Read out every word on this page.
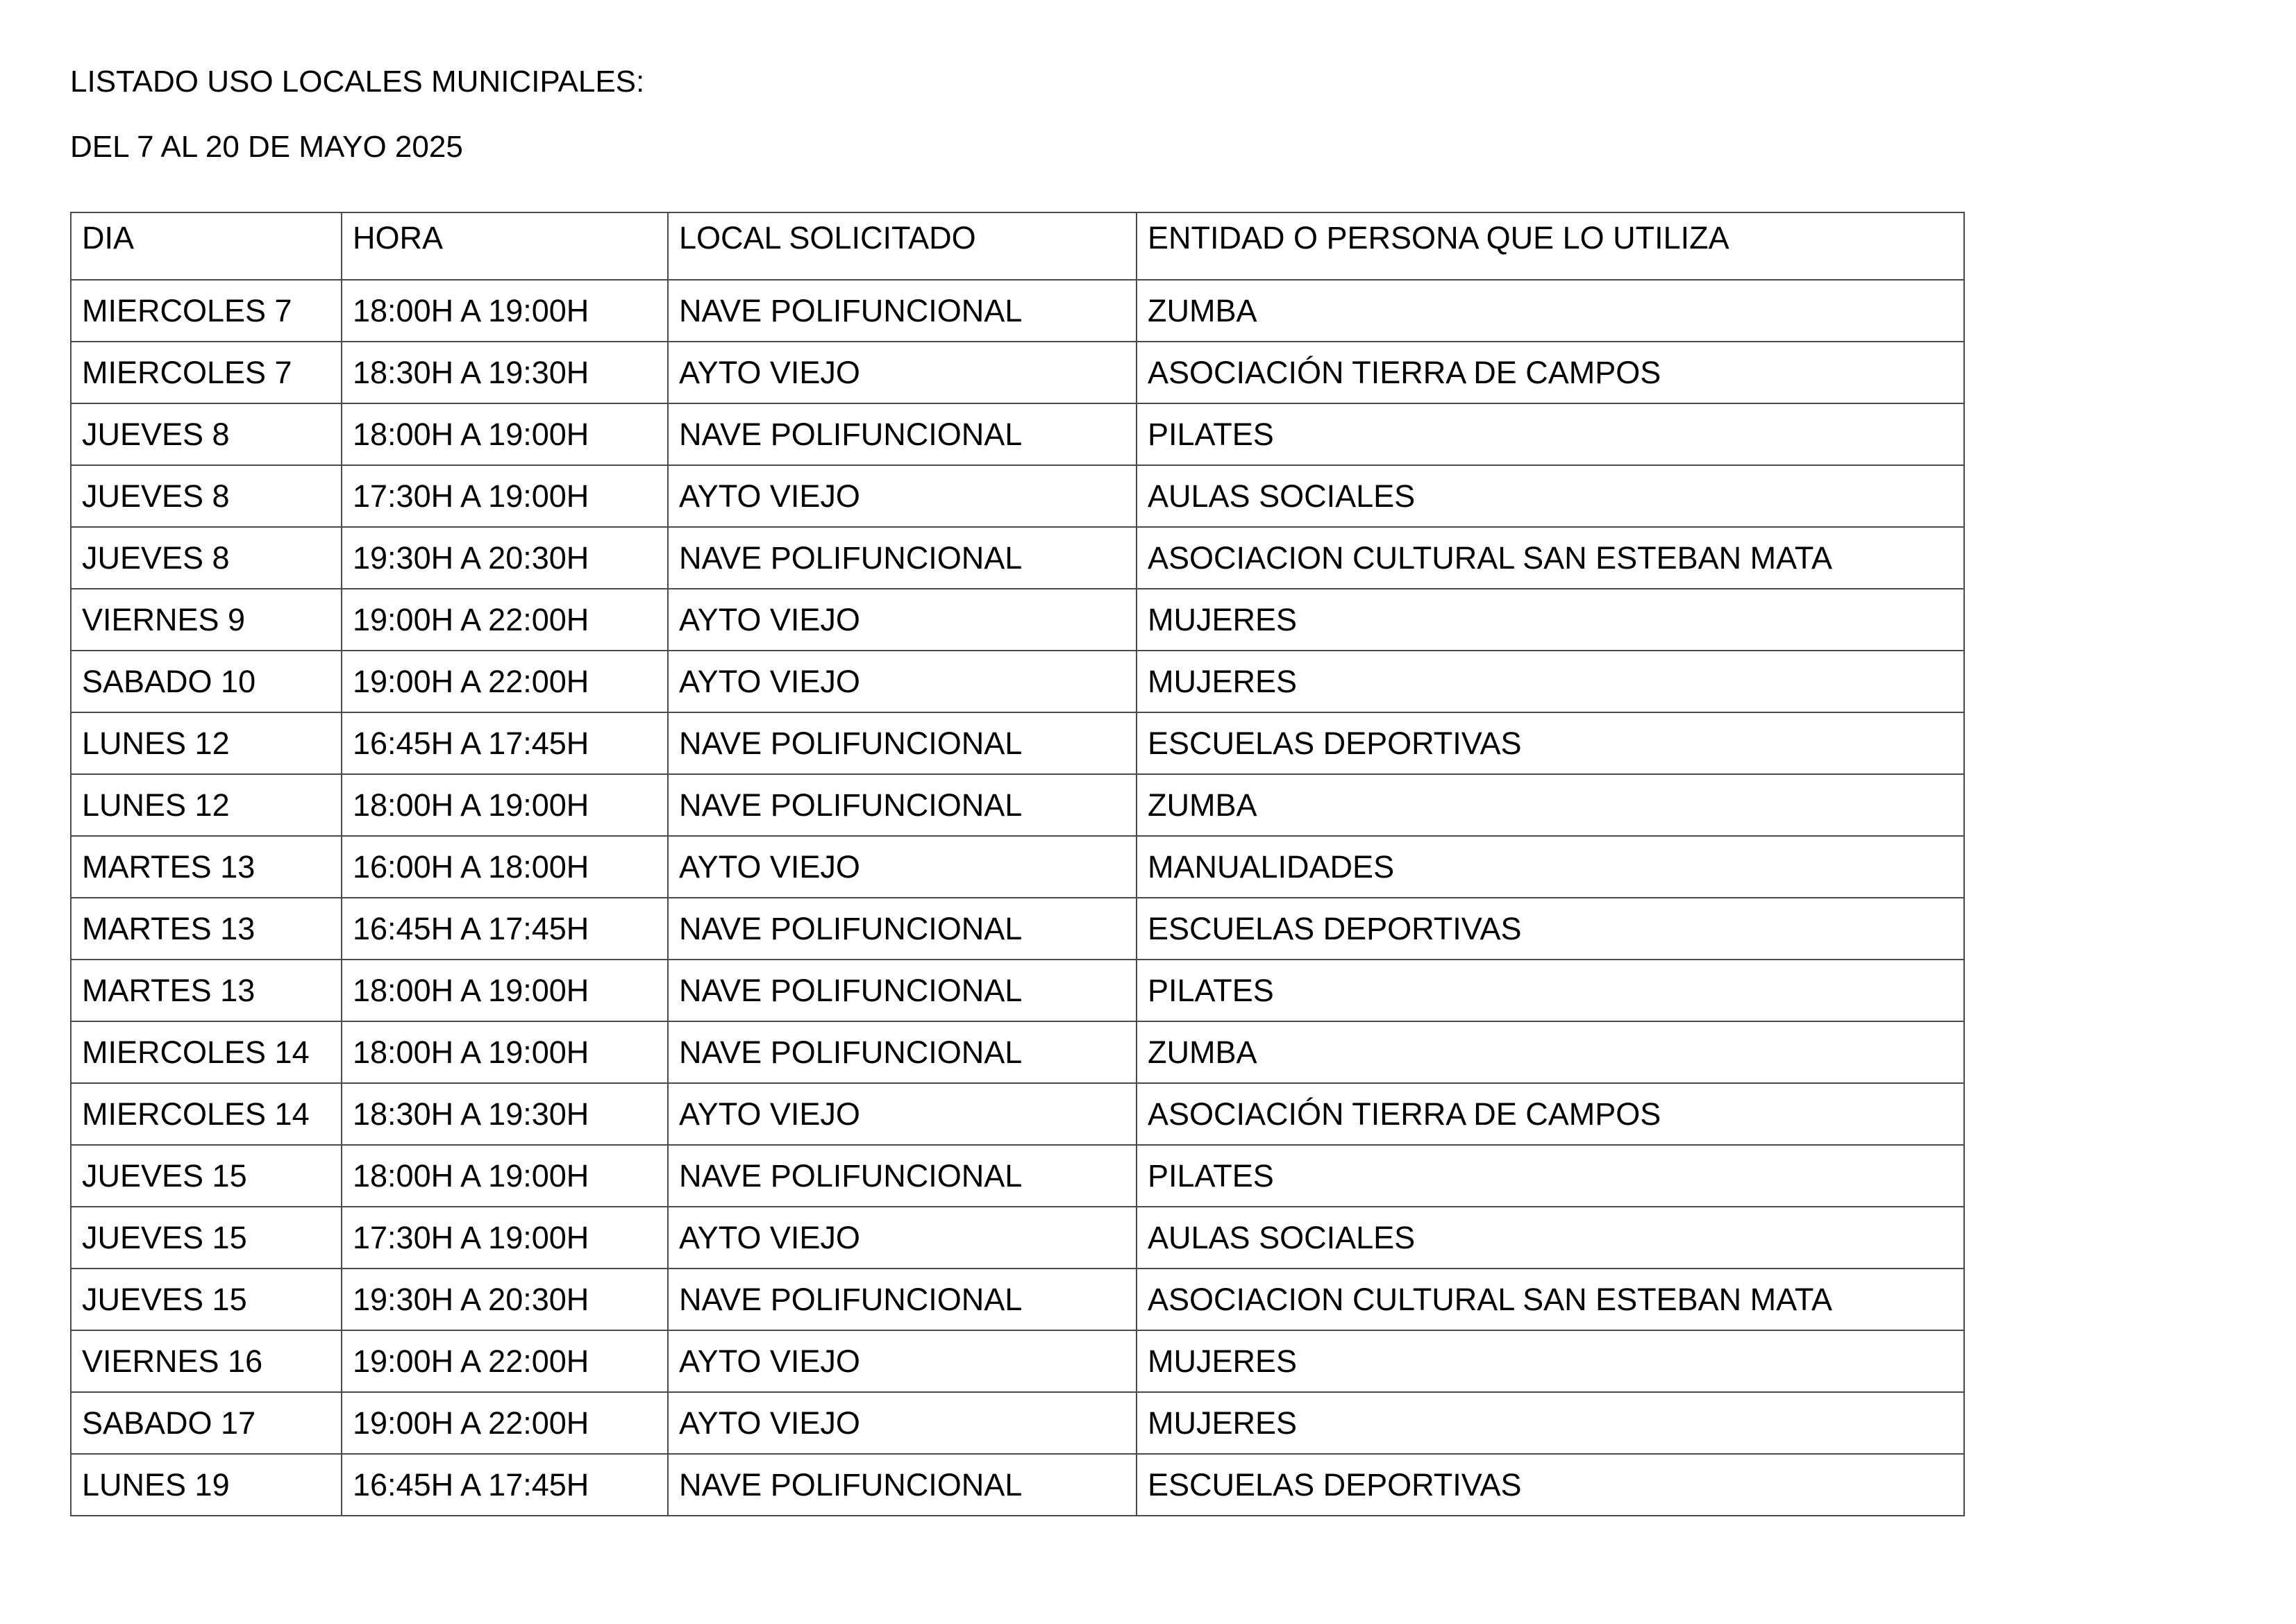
LISTADO USO LOCALES MUNICIPALES:
DEL 7 AL 20 DE MAYO 2025
DIA	HORA	LOCAL SOLICITADO	ENTIDAD O PERSONA QUE LO UTILIZA
MIERCOLES 7	18:00H A 19:00H	NAVE POLIFUNCIONAL	ZUMBA
MIERCOLES 7	18:30H A 19:30H	AYTO VIEJO	ASOCIACIÓN TIERRA DE CAMPOS
JUEVES 8	18:00H A 19:00H	NAVE POLIFUNCIONAL	PILATES
JUEVES 8	17:30H A 19:00H	AYTO VIEJO	AULAS SOCIALES
JUEVES 8	19:30H A 20:30H	NAVE POLIFUNCIONAL	ASOCIACION CULTURAL SAN ESTEBAN MATA
VIERNES 9	19:00H A 22:00H	AYTO VIEJO	MUJERES
SABADO 10	19:00H A 22:00H	AYTO VIEJO	MUJERES
LUNES 12	16:45H A 17:45H	NAVE POLIFUNCIONAL	ESCUELAS DEPORTIVAS
LUNES 12	18:00H A 19:00H	NAVE POLIFUNCIONAL	ZUMBA
MARTES 13	16:00H A 18:00H	AYTO VIEJO	MANUALIDADES
MARTES 13	16:45H A 17:45H	NAVE POLIFUNCIONAL	ESCUELAS DEPORTIVAS
MARTES 13	18:00H A 19:00H	NAVE POLIFUNCIONAL	PILATES
MIERCOLES 14	18:00H A 19:00H	NAVE POLIFUNCIONAL	ZUMBA
MIERCOLES 14	18:30H A 19:30H	AYTO VIEJO	ASOCIACIÓN TIERRA DE CAMPOS
JUEVES 15	18:00H A 19:00H	NAVE POLIFUNCIONAL	PILATES
JUEVES 15	17:30H A 19:00H	AYTO VIEJO	AULAS SOCIALES
JUEVES 15	19:30H A 20:30H	NAVE POLIFUNCIONAL	ASOCIACION CULTURAL SAN ESTEBAN MATA
VIERNES 16	19:00H A 22:00H	AYTO VIEJO	MUJERES
SABADO 17	19:00H A 22:00H	AYTO VIEJO	MUJERES
LUNES 19	16:45H A 17:45H	NAVE POLIFUNCIONAL	ESCUELAS DEPORTIVAS
